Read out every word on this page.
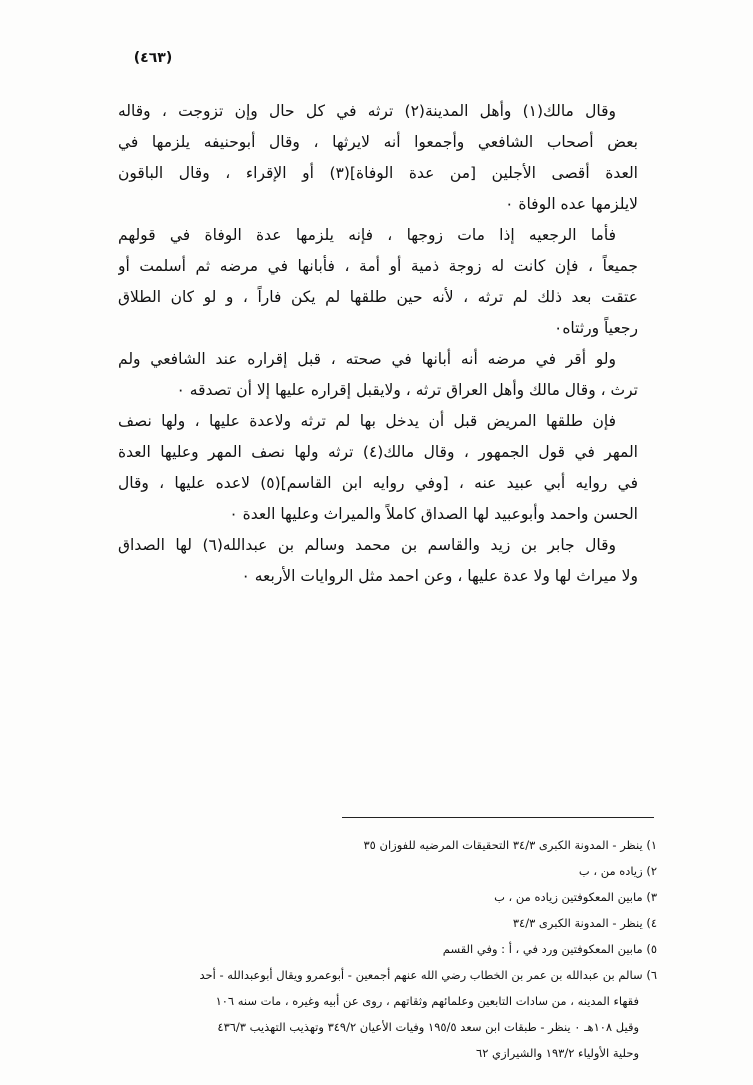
(٤٦٣)
وقال مالك(١) وأهل المدينة(٢) ترثه في كل حال وإن تزوجت ، وقاله
بعض أصحاب الشافعي وأجمعوا أنه لايرثها ، وقال أبوحنيفه يلزمها في
العدة أقصى الأجلين [من عدة الوفاة](٣) أو الإقراء ، وقال الباقون
لايلزمها عده الوفاة ٠
فأما الرجعيه إذا مات زوجها ، فإنه يلزمها عدة الوفاة في قولهم
جميعاً ، فإن كانت له زوجة ذمية أو أمة ، فأبانها في مرضه ثم أسلمت أو
عتقت بعد ذلك لم ترثه ، لأنه حين طلقها لم يكن فاراً ، و لو كان الطلاق
رجعياً ورثتاه٠
ولو أقر في مرضه أنه أبانها في صحته ، قبل إقراره عند الشافعي ولم
ترث ، وقال مالك وأهل العراق ترثه ، ولايقبل إقراره عليها إلا أن تصدقه ٠
فإن طلقها المريض قبل أن يدخل بها لم ترثه ولاعدة عليها ، ولها نصف
المهر في قول الجمهور ، وقال مالك(٤) ترثه ولها نصف المهر وعليها العدة
في روايه أبي عبيد عنه ، [وفي روايه ابن القاسم](٥) لاعده عليها ، وقال
الحسن واحمد وأبوعبيد لها الصداق كاملاً والميراث وعليها العدة ٠
وقال جابر بن زيد والقاسم بن محمد وسالم بن عبدالله(٦) لها الصداق
ولا ميراث لها ولا عدة عليها ، وعن احمد مثل الروايات الأربعه ٠
١) ينظر - المدونة الكبرى ٣٤/٣ التحقيقات المرضيه للفوزان ٣٥
٢) زياده من ، ب
٣) مابين المعكوفتين زياده من ، ب
٤) ينظر - المدونة الكبرى ٣٤/٣
٥) مابين المعكوفتين ورد في ، أ : وفي القسم
٦) سالم بن عبدالله بن عمر بن الخطاب رضي الله عنهم أجمعين - أبوعمرو ويقال أبوعبدالله - أحد
فقهاء المدينه ، من سادات التابعين وعلمائهم وثقاتهم ، روى عن أبيه وغيره ، مات سنه ١٠٦
وقيل ١٠٨هـ ٠ ينظر - طبقات ابن سعد ١٩٥/٥ وفيات الأعيان ٣٤٩/٢ وتهذيب التهذيب ٤٣٦/٣
وحلية الأولياء ١٩٣/٢ والشيرازي ٦٢
